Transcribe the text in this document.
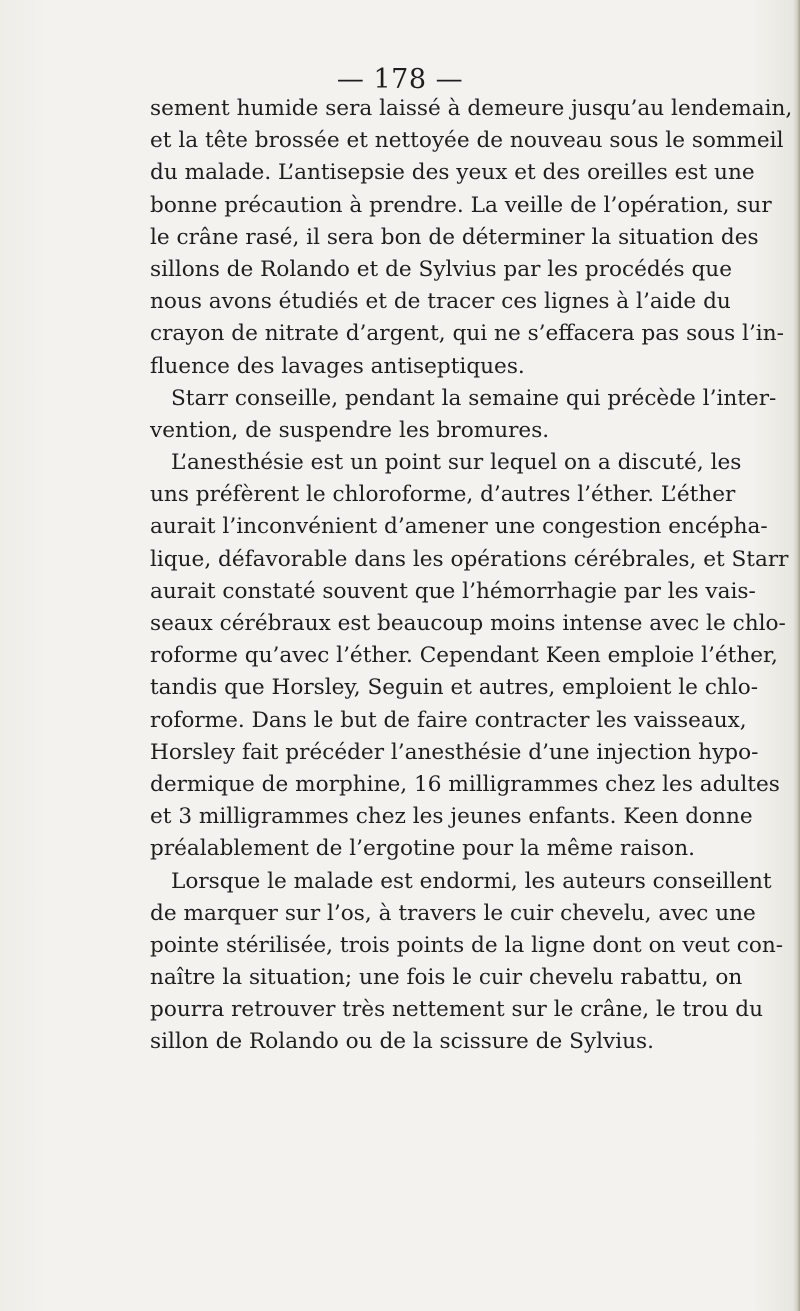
— 178 —
sement humide sera laissé à demeure jusqu’au lendemain,
et la tête brossée et nettoyée de nouveau sous le sommeil
du malade. L’antisepsie des yeux et des oreilles est une
bonne précaution à prendre. La veille de l’opération, sur
le crâne rasé, il sera bon de déterminer la situation des
sillons de Rolando et de Sylvius par les procédés que
nous avons étudiés et de tracer ces lignes à l’aide du
crayon de nitrate d’argent, qui ne s’effacera pas sous l’in-
fluence des lavages antiseptiques.
Starr conseille, pendant la semaine qui précède l’inter-
vention, de suspendre les bromures.
L’anesthésie est un point sur lequel on a discuté, les
uns préfèrent le chloroforme, d’autres l’éther. L’éther
aurait l’inconvénient d’amener une congestion encépha-
lique, défavorable dans les opérations cérébrales, et Starr
aurait constaté souvent que l’hémorrhagie par les vais-
seaux cérébraux est beaucoup moins intense avec le chlo-
roforme qu’avec l’éther. Cependant Keen emploie l’éther,
tandis que Horsley, Seguin et autres, emploient le chlo-
roforme. Dans le but de faire contracter les vaisseaux,
Horsley fait précéder l’anesthésie d’une injection hypo-
dermique de morphine, 16 milligrammes chez les adultes
et 3 milligrammes chez les jeunes enfants. Keen donne
préalablement de l’ergotine pour la même raison.
Lorsque le malade est endormi, les auteurs conseillent
de marquer sur l’os, à travers le cuir chevelu, avec une
pointe stérilisée, trois points de la ligne dont on veut con-
naître la situation; une fois le cuir chevelu rabattu, on
pourra retrouver très nettement sur le crâne, le trou du
sillon de Rolando ou de la scissure de Sylvius.
